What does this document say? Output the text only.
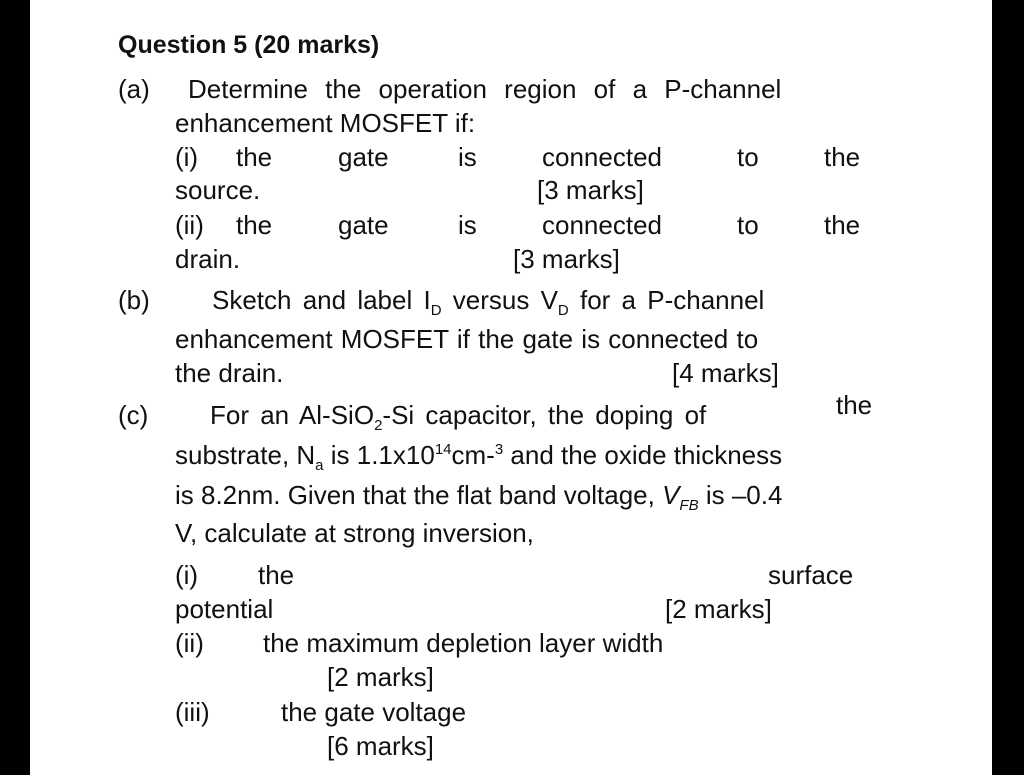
Question 5 (20 marks)
(a) Determine the operation region of a P-channel
enhancement MOSFET if:
(i) the	gate	is	connected	to	the
source.	[3 marks]
(ii) the	gate	is	connected	to	the
drain.	[3 marks]
(b) Sketch and label $I_D$ versus $V_D$ for a P-channel
enhancement MOSFET if the gate is connected to
the drain.	[4 marks]
(c) For an Al-SiO$_2$-Si capacitor, the doping of	the
substrate, $N_a$ is $1.1x10^{14}cm-^3$ and the oxide thickness
is 8.2nm. Given that the flat band voltage, $V_{FB}$ is –0.4
V, calculate at strong inversion,
(i) the	surface
potential	[2 marks]
(ii) the maximum depletion layer width
[2 marks]
(iii)	the gate voltage
[6 marks]
